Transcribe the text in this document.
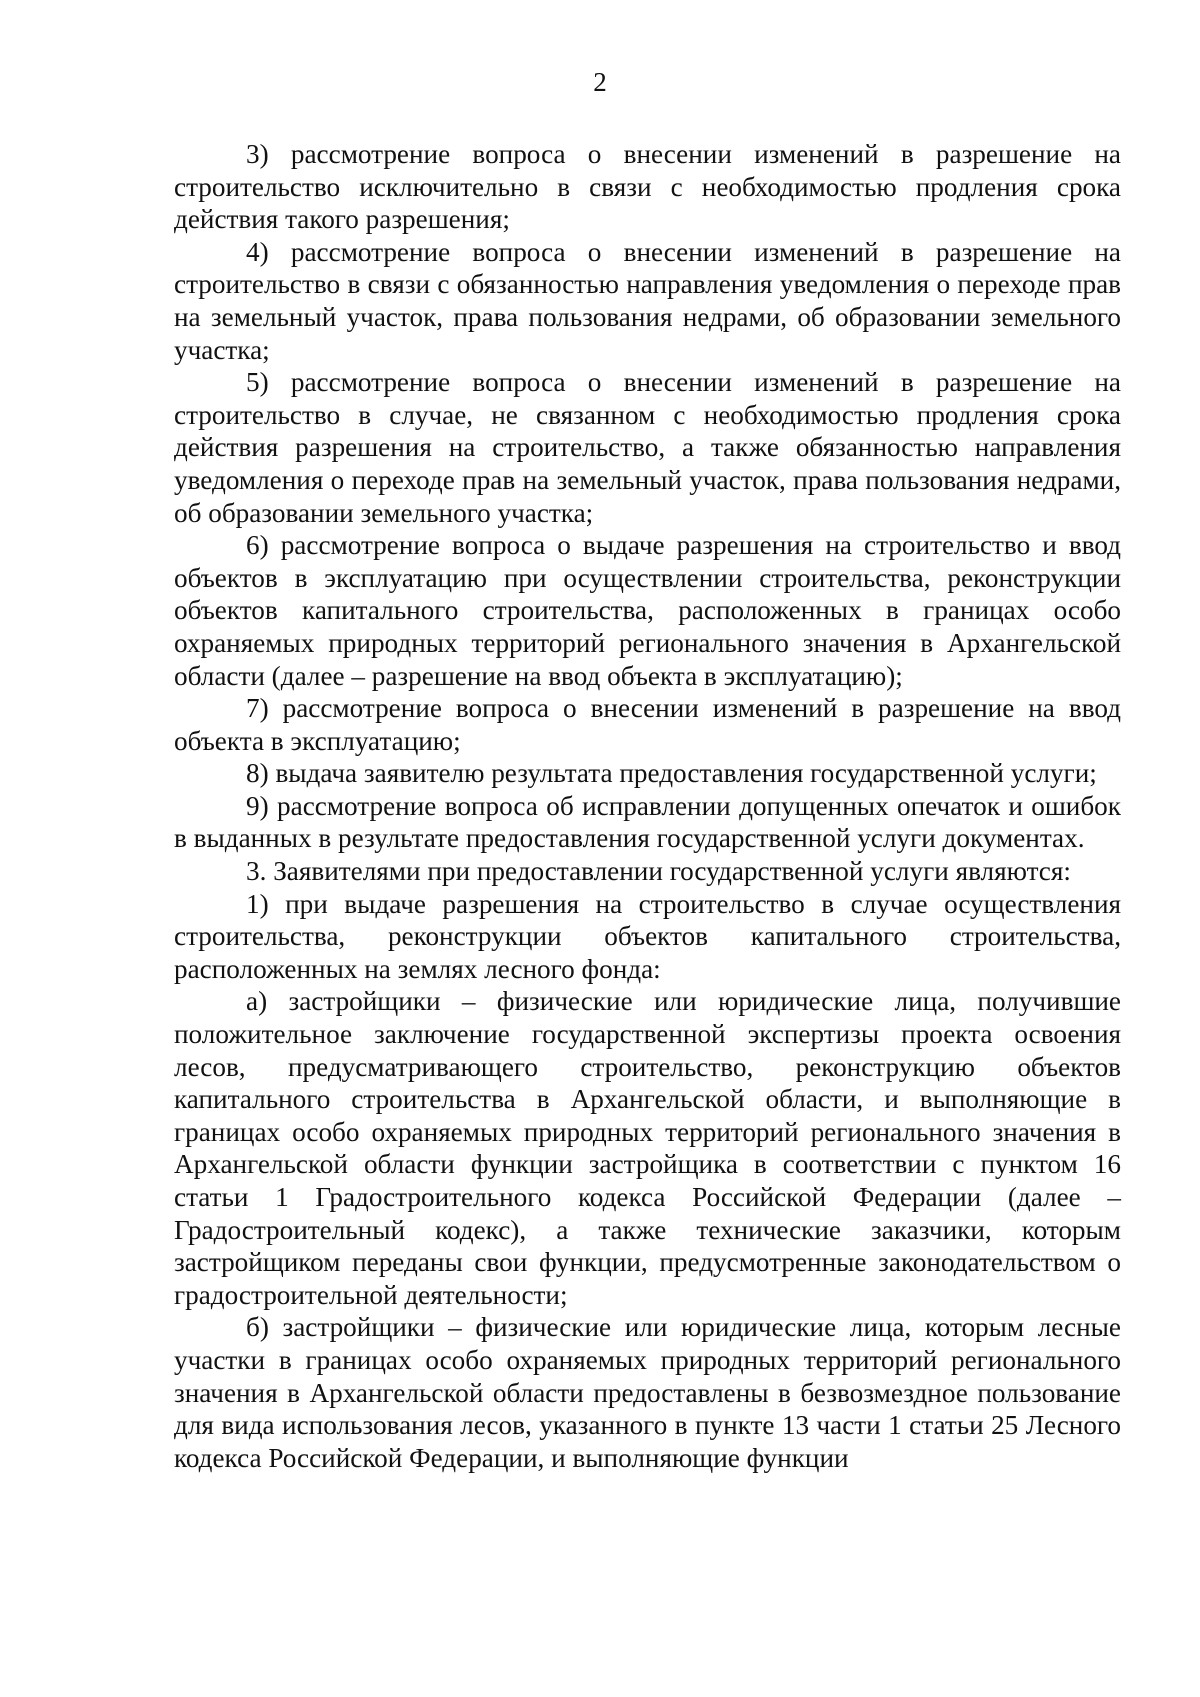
2

3) рассмотрение вопроса о внесении изменений в разрешение на строительство исключительно в связи с необходимостью продления срока действия такого разрешения;

4) рассмотрение вопроса о внесении изменений в разрешение на строительство в связи с обязанностью направления уведомления о переходе прав на земельный участок, права пользования недрами, об образовании земельного участка;

5) рассмотрение вопроса о внесении изменений в разрешение на строительство в случае, не связанном с необходимостью продления срока действия разрешения на строительство, а также обязанностью направления уведомления о переходе прав на земельный участок, права пользования недрами, об образовании земельного участка;

6) рассмотрение вопроса о выдаче разрешения на строительство и ввод объектов в эксплуатацию при осуществлении строительства, реконструкции объектов капитального строительства, расположенных в границах особо охраняемых природных территорий регионального значения в Архангельской области (далее – разрешение на ввод объекта в эксплуатацию);

7) рассмотрение вопроса о внесении изменений в разрешение на ввод объекта в эксплуатацию;

8) выдача заявителю результата предоставления государственной услуги;

9) рассмотрение вопроса об исправлении допущенных опечаток и ошибок в выданных в результате предоставления государственной услуги документах.

3. Заявителями при предоставлении государственной услуги являются:

1) при выдаче разрешения на строительство в случае осуществления строительства, реконструкции объектов капитального строительства, расположенных на землях лесного фонда:

а) застройщики – физические или юридические лица, получившие положительное заключение государственной экспертизы проекта освоения лесов, предусматривающего строительство, реконструкцию объектов капитального строительства в Архангельской области, и выполняющие в границах особо охраняемых природных территорий регионального значения в Архангельской области функции застройщика в соответствии с пунктом 16 статьи 1 Градостроительного кодекса Российской Федерации (далее – Градостроительный кодекс), а также технические заказчики, которым застройщиком переданы свои функции, предусмотренные законодательством о градостроительной деятельности;

б) застройщики – физические или юридические лица, которым лесные участки в границах особо охраняемых природных территорий регионального значения в Архангельской области предоставлены в безвозмездное пользование для вида использования лесов, указанного в пункте 13 части 1 статьи 25 Лесного кодекса Российской Федерации, и выполняющие функции
